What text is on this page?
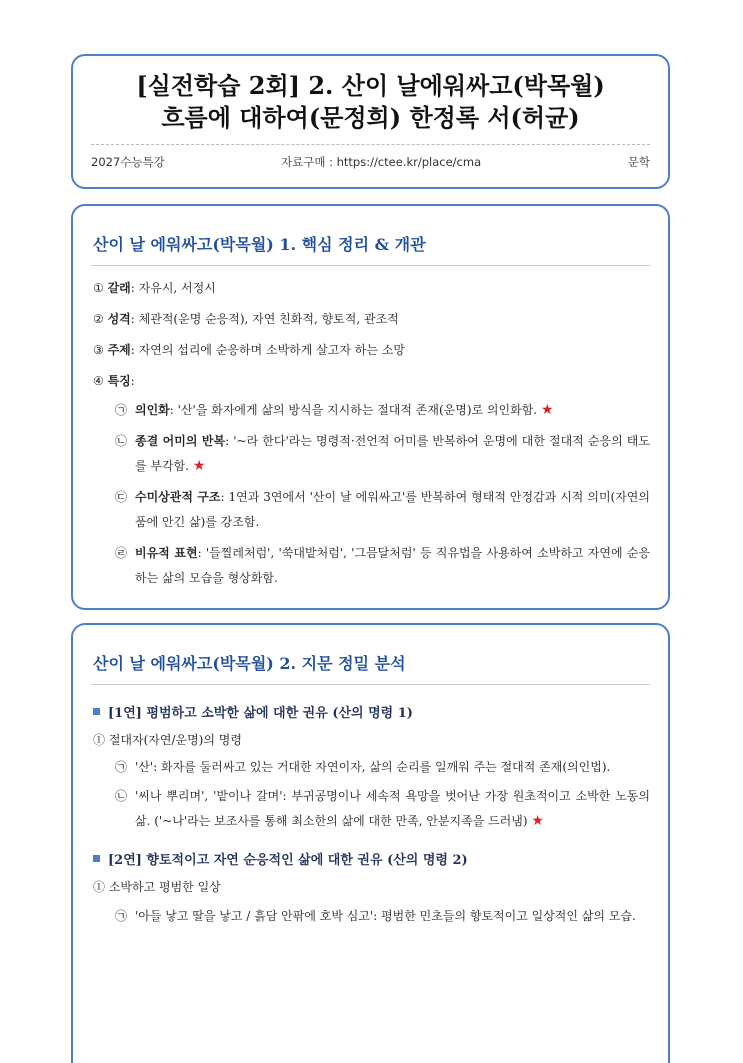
[실전학습 2회] 2. 산이 날에워싸고(박목월)
흐름에 대하여(문정희) 한정록 서(허균)
2027수능특강	자료구매 : https://ctee.kr/place/cma	문학
산이 날 에워싸고(박목월) 1. 핵심 정리 & 개관
① 갈래: 자유시, 서정시
② 성격: 체관적(운명 순응적), 자연 친화적, 향토적, 관조적
③ 주제: 자연의 섭리에 순응하며 소박하게 살고자 하는 소망
④ 특징:
㉠ 의인화: '산'을 화자에게 삶의 방식을 지시하는 절대적 존재(운명)로 의인화함. ★
㉡ 종결 어미의 반복: '~라 한다'라는 명령적·전언적 어미를 반복하여 운명에 대한 절대적 순응의 태도를 부각함. ★
㉢ 수미상관적 구조: 1연과 3연에서 '산이 날 에워싸고'를 반복하여 형태적 안정감과 시적 의미(자연의 품에 안긴 삶)를 강조함.
㉣ 비유적 표현: '들찔레처럼', '쑥대밭처럼', '그믐달처럼' 등 직유법을 사용하여 소박하고 자연에 순응하는 삶의 모습을 형상화함.
산이 날 에워싸고(박목월) 2. 지문 정밀 분석
[1연] 평범하고 소박한 삶에 대한 권유 (산의 명령 1)
① 절대자(자연/운명)의 명령
㉠ '산': 화자를 둘러싸고 있는 거대한 자연이자, 삶의 순리를 일깨워 주는 절대적 존재(의인법).
㉡ '씨나 뿌리며', '밭이나 갈며': 부귀공명이나 세속적 욕망을 벗어난 가장 원초적이고 소박한 노동의 삶. ('~나'라는 보조사를 통해 최소한의 삶에 대한 만족, 안분지족을 드러냄) ★
[2연] 향토적이고 자연 순응적인 삶에 대한 권유 (산의 명령 2)
① 소박하고 평범한 일상
㉠ '아들 낳고 딸을 낳고 / 흙담 안팎에 호박 심고': 평범한 민초들의 향토적이고 일상적인 삶의 모습.
